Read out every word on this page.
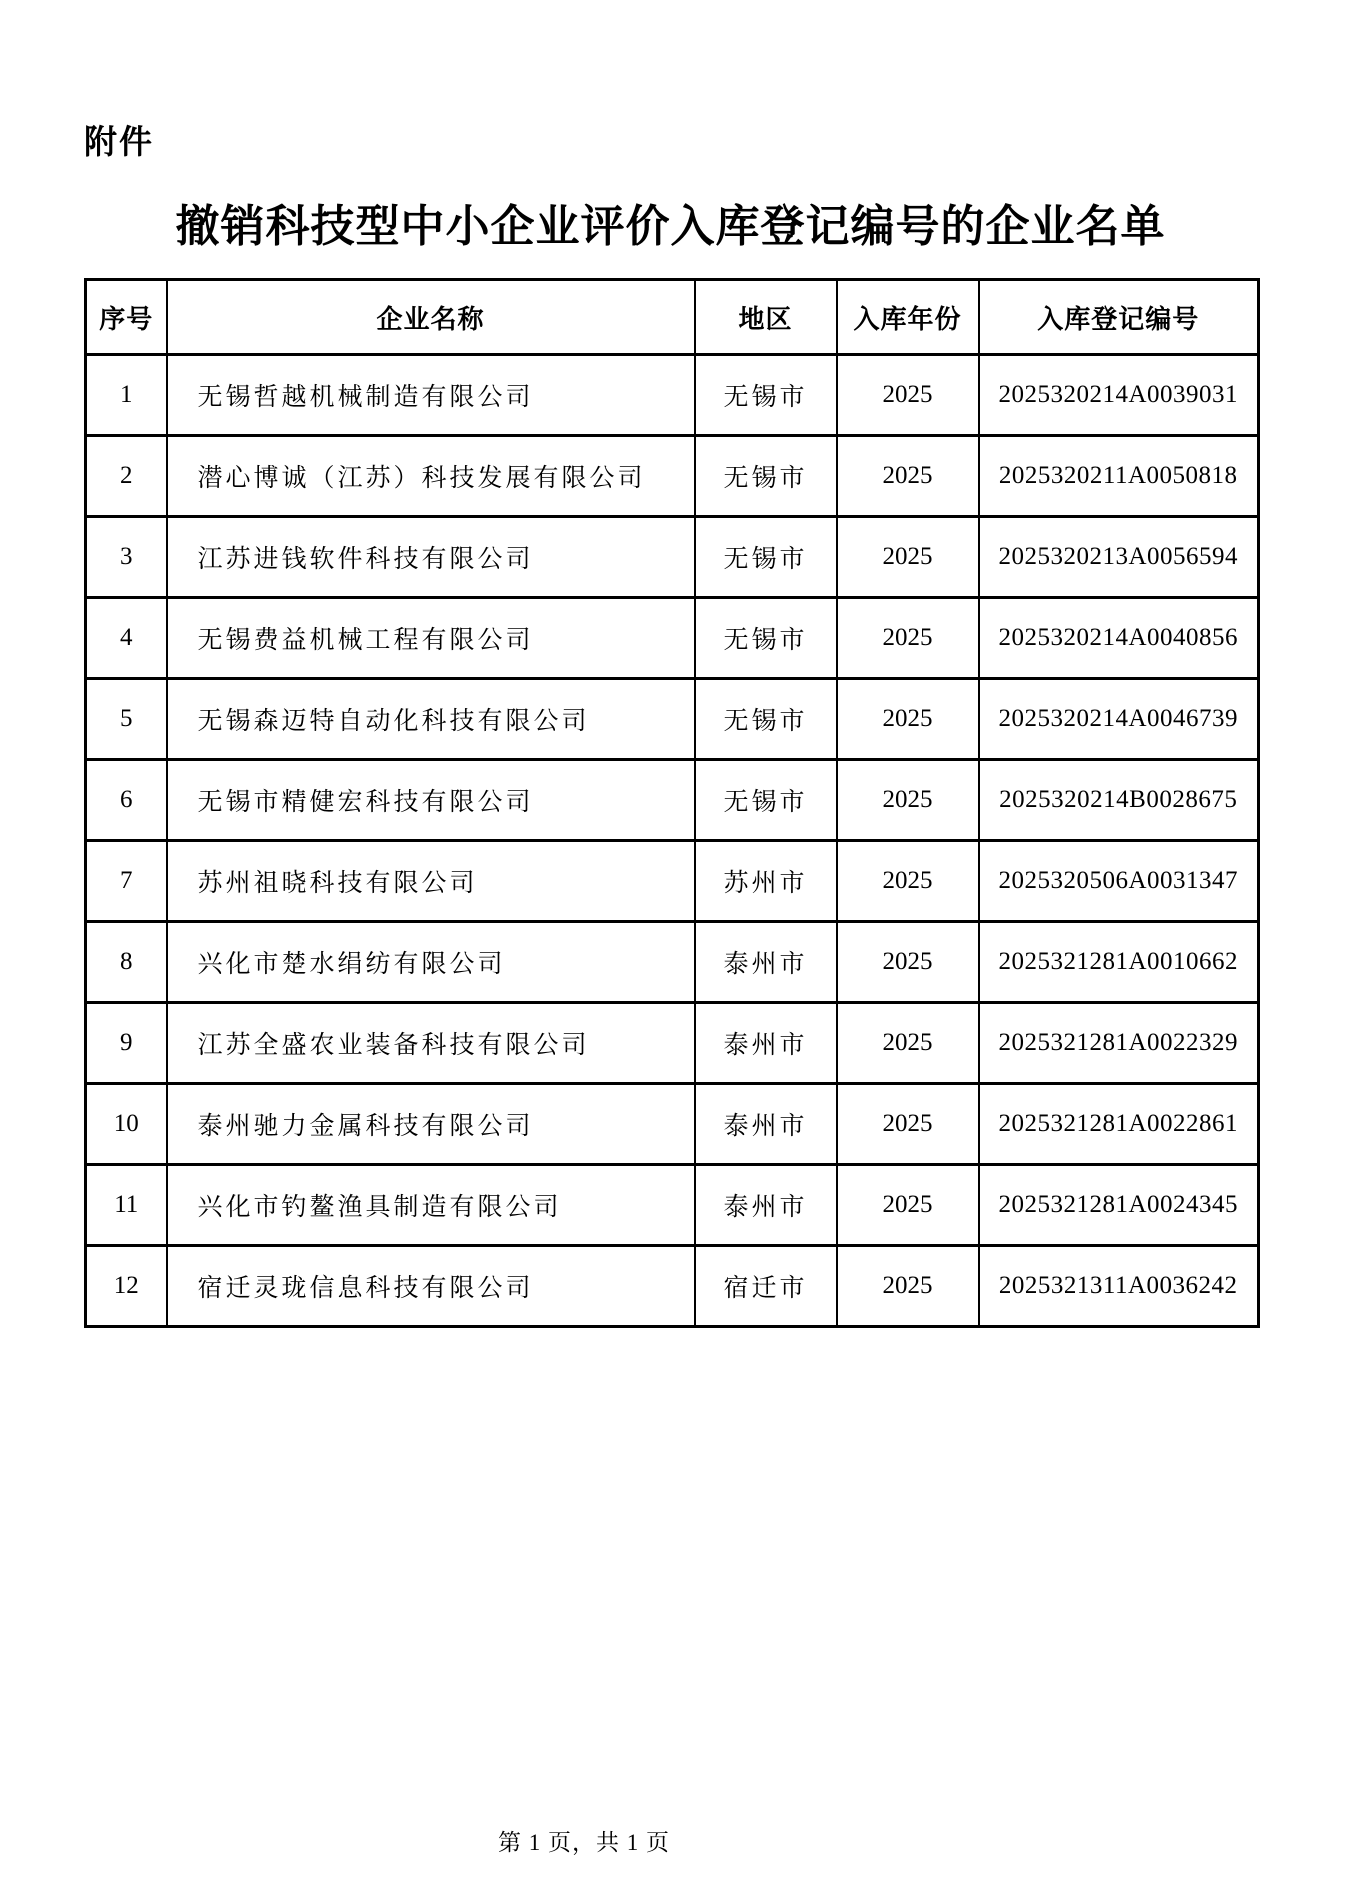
附件
撤销科技型中小企业评价入库登记编号的企业名单
序号	企业名称	地区	入库年份	入库登记编号
1	无锡哲越机械制造有限公司	无锡市	2025	2025320214A0039031
2	潜心博诚（江苏）科技发展有限公司	无锡市	2025	2025320211A0050818
3	江苏进钱软件科技有限公司	无锡市	2025	2025320213A0056594
4	无锡费益机械工程有限公司	无锡市	2025	2025320214A0040856
5	无锡森迈特自动化科技有限公司	无锡市	2025	2025320214A0046739
6	无锡市精健宏科技有限公司	无锡市	2025	2025320214B0028675
7	苏州祖晓科技有限公司	苏州市	2025	2025320506A0031347
8	兴化市楚水绢纺有限公司	泰州市	2025	2025321281A0010662
9	江苏全盛农业装备科技有限公司	泰州市	2025	2025321281A0022329
10	泰州驰力金属科技有限公司	泰州市	2025	2025321281A0022861
11	兴化市钓鳌渔具制造有限公司	泰州市	2025	2025321281A0024345
12	宿迁灵珑信息科技有限公司	宿迁市	2025	2025321311A0036242
第 1 页，共 1 页
